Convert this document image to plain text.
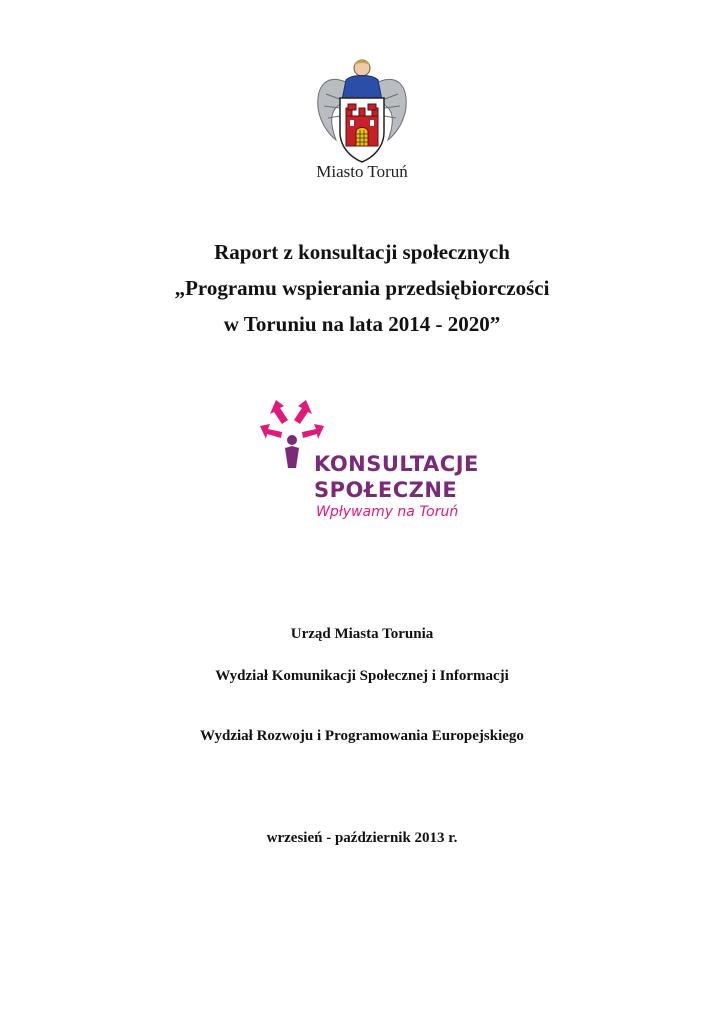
Miasto Toruń
Raport z konsultacji społecznych
„Programu wspierania przedsiębiorczości
w Toruniu na lata 2014 - 2020”
KONSULTACJE
SPOŁECZNE
Wpływamy na Toruń
Urząd Miasta Torunia
Wydział Komunikacji Społecznej i Informacji
Wydział Rozwoju i Programowania Europejskiego
wrzesień - październik 2013 r.
